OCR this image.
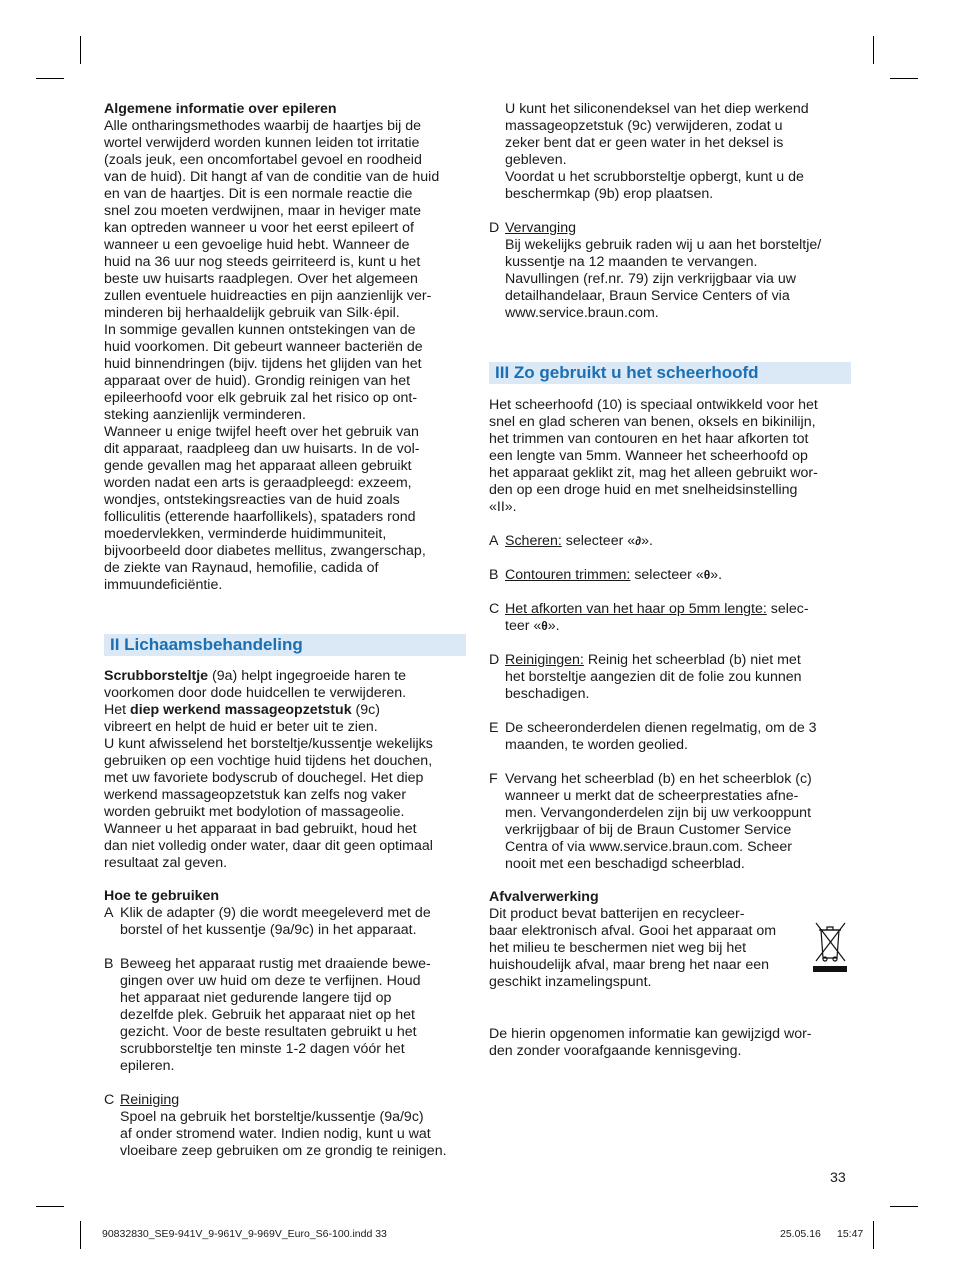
Algemene informatie over epileren

Alle ontharingsmethodes waarbij de haartjes bij de

wortel verwijderd worden kunnen leiden tot irritatie

(zoals jeuk, een oncomfortabel gevoel en roodheid

van de huid). Dit hangt af van de conditie van de huid

en van de haartjes. Dit is een normale reactie die

snel zou moeten verdwijnen, maar in heviger mate

kan optreden wanneer u voor het eerst epileert of

wanneer u een gevoelige huid hebt. Wanneer de

huid na 36 uur nog steeds geirriteerd is, kunt u het

beste uw huisarts raadplegen. Over het algemeen

zullen eventuele huidreacties en pijn aanzienlijk ver-

minderen bij herhaaldelijk gebruik van Silk·épil.

In sommige gevallen kunnen ontstekingen van de

huid voorkomen. Dit gebeurt wanneer bacteriën de

huid binnendringen (bijv. tijdens het glijden van het

apparaat over de huid). Grondig reinigen van het

epileerhoofd voor elk gebruik zal het risico op ont-

steking aanzienlijk verminderen.

Wanneer u enige twijfel heeft over het gebruik van

dit apparaat, raadpleeg dan uw huisarts. In de vol-

gende gevallen mag het apparaat alleen gebruikt

worden nadat een arts is geraadpleegd: exzeem,

wondjes, ontstekingsreacties van de huid zoals

folliculitis (etterende haarfollikels), spataders rond

moedervlekken, verminderde huidimmuniteit,

bijvoorbeeld door diabetes mellitus, zwangerschap,

de ziekte van Raynaud, hemofilie, cadida of

immuundeficiëntie.

II Lichaamsbehandeling

Scrubborsteltje (9a) helpt ingegroeide haren te

voorkomen door dode huidcellen te verwijderen.

Het diep werkend massageopzetstuk (9c)

vibreert en helpt de huid er beter uit te zien.

U kunt afwisselend het borsteltje/kussentje wekelijks

gebruiken op een vochtige huid tijdens het douchen,

met uw favoriete bodyscrub of douchegel. Het diep

werkend massageopzetstuk kan zelfs nog vaker

worden gebruikt met bodylotion of massageolie.

Wanneer u het apparaat in bad gebruikt, houd het

dan niet volledig onder water, daar dit geen optimaal

resultaat zal geven.

Hoe te gebruiken

A Klik de adapter (9) die wordt meegeleverd met de

borstel of het kussentje (9a/9c) in het apparaat.

B Beweeg het apparaat rustig met draaiende bewe-

gingen over uw huid om deze te verfijnen. Houd

het apparaat niet gedurende langere tijd op

dezelfde plek. Gebruik het apparaat niet op het

gezicht. Voor de beste resultaten gebruikt u het

scrubborsteltje ten minste 1-2 dagen vóór het

epileren.

C Reiniging

Spoel na gebruik het borsteltje/kussentje (9a/9c)

af onder stromend water. Indien nodig, kunt u wat

vloeibare zeep gebruiken om ze grondig te reinigen.

U kunt het siliconendeksel van het diep werkend

massageopzetstuk (9c) verwijderen, zodat u

zeker bent dat er geen water in het deksel is

gebleven.

Voordat u het scrubborsteltje opbergt, kunt u de

beschermkap (9b) erop plaatsen.

D Vervanging

Bij wekelijks gebruik raden wij u aan het borsteltje/

kussentje na 12 maanden te vervangen.

Navullingen (ref.nr. 79) zijn verkrijgbaar via uw

detailhandelaar, Braun Service Centers of via

www.service.braun.com.

III Zo gebruikt u het scheerhoofd

Het scheerhoofd (10) is speciaal ontwikkeld voor het

snel en glad scheren van benen, oksels en bikinilijn,

het trimmen van contouren en het haar afkorten tot

een lengte van 5mm. Wanneer het scheerhoofd op

het apparaat geklikt zit, mag het alleen gebruikt wor-

den op een droge huid en met snelheidsinstelling

«II».

A Scheren: selecteer «∂».

B Contouren trimmen: selecteer «θ».

C Het afkorten van het haar op 5mm lengte: selec-

teer «θ».

D Reinigingen: Reinig het scheerblad (b) niet met

het borsteltje aangezien dit de folie zou kunnen

beschadigen.

E De scheeronderdelen dienen regelmatig, om de 3

maanden, te worden geolied.

F Vervang het scheerblad (b) en het scheerblok (c)

wanneer u merkt dat de scheerprestaties afne-

men. Vervangonderdelen zijn bij uw verkooppunt

verkrijgbaar of bij de Braun Customer Service

Centra of via www.service.braun.com. Scheer

nooit met een beschadigd scheerblad.

Afvalverwerking

Dit product bevat batterijen en recycleer-

baar elektronisch afval. Gooi het apparaat om

het milieu te beschermen niet weg bij het

huishoudelijk afval, maar breng het naar een

geschikt inzamelingspunt.

De hierin opgenomen informatie kan gewijzigd wor-

den zonder voorafgaande kennisgeving.

33
90832830_SE9-941V_9-961V_9-969V_Euro_S6-100.indd 33	25.05.16 15:47
